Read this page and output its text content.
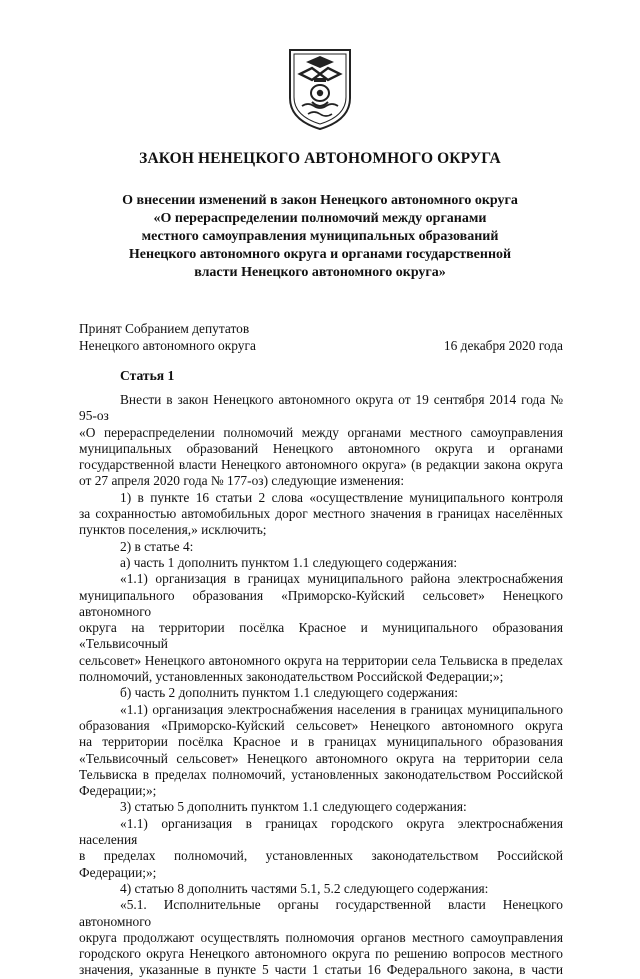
ЗАКОН НЕНЕЦКОГО АВТОНОМНОГО ОКРУГА
О внесении изменений в закон Ненецкого автономного округа
«О перераспределении полномочий между органами
местного самоуправления муниципальных образований
Ненецкого автономного округа и органами государственной
власти Ненецкого автономного округа»
Принят Собранием депутатов
Ненецкого автономного округа	16 декабря 2020 года
Статья 1

Внести в закон Ненецкого автономного округа от 19 сентября 2014 года № 95-оз

«О перераспределении полномочий между органами местного самоуправления

муниципальных образований Ненецкого автономного округа и органами

государственной власти Ненецкого автономного округа» (в редакции закона округа

от 27 апреля 2020 года № 177-оз) следующие изменения:

1) в пункте 16 статьи 2 слова «осуществление муниципального контроля

за сохранностью автомобильных дорог местного значения в границах населённых

пунктов поселения,» исключить;

2) в статье 4:

а) часть 1 дополнить пунктом 1.1 следующего содержания:

«1.1) организация в границах муниципального района электроснабжения

муниципального образования «Приморско-Куйский сельсовет» Ненецкого автономного

округа на территории посёлка Красное и муниципального образования «Тельвисочный

сельсовет» Ненецкого автономного округа на территории села Тельвиска в пределах

полномочий, установленных законодательством Российской Федерации;»;

б) часть 2 дополнить пунктом 1.1 следующего содержания:

«1.1) организация электроснабжения населения в границах муниципального

образования «Приморско-Куйский сельсовет» Ненецкого автономного округа

на территории посёлка Красное и в границах муниципального образования

«Тельвисочный сельсовет» Ненецкого автономного округа на территории села

Тельвиска в пределах полномочий, установленных законодательством Российской

Федерации;»;

3) статью 5 дополнить пунктом 1.1 следующего содержания:

«1.1) организация в границах городского округа электроснабжения населения

в пределах полномочий, установленных законодательством Российской Федерации;»;

4) статью 8 дополнить частями 5.1, 5.2 следующего содержания:

«5.1. Исполнительные органы государственной власти Ненецкого автономного

округа продолжают осуществлять полномочия органов местного самоуправления

городского округа Ненецкого автономного округа по решению вопросов местного

значения, указанные в пункте 5 части 1 статьи 16 Федерального закона, в части
